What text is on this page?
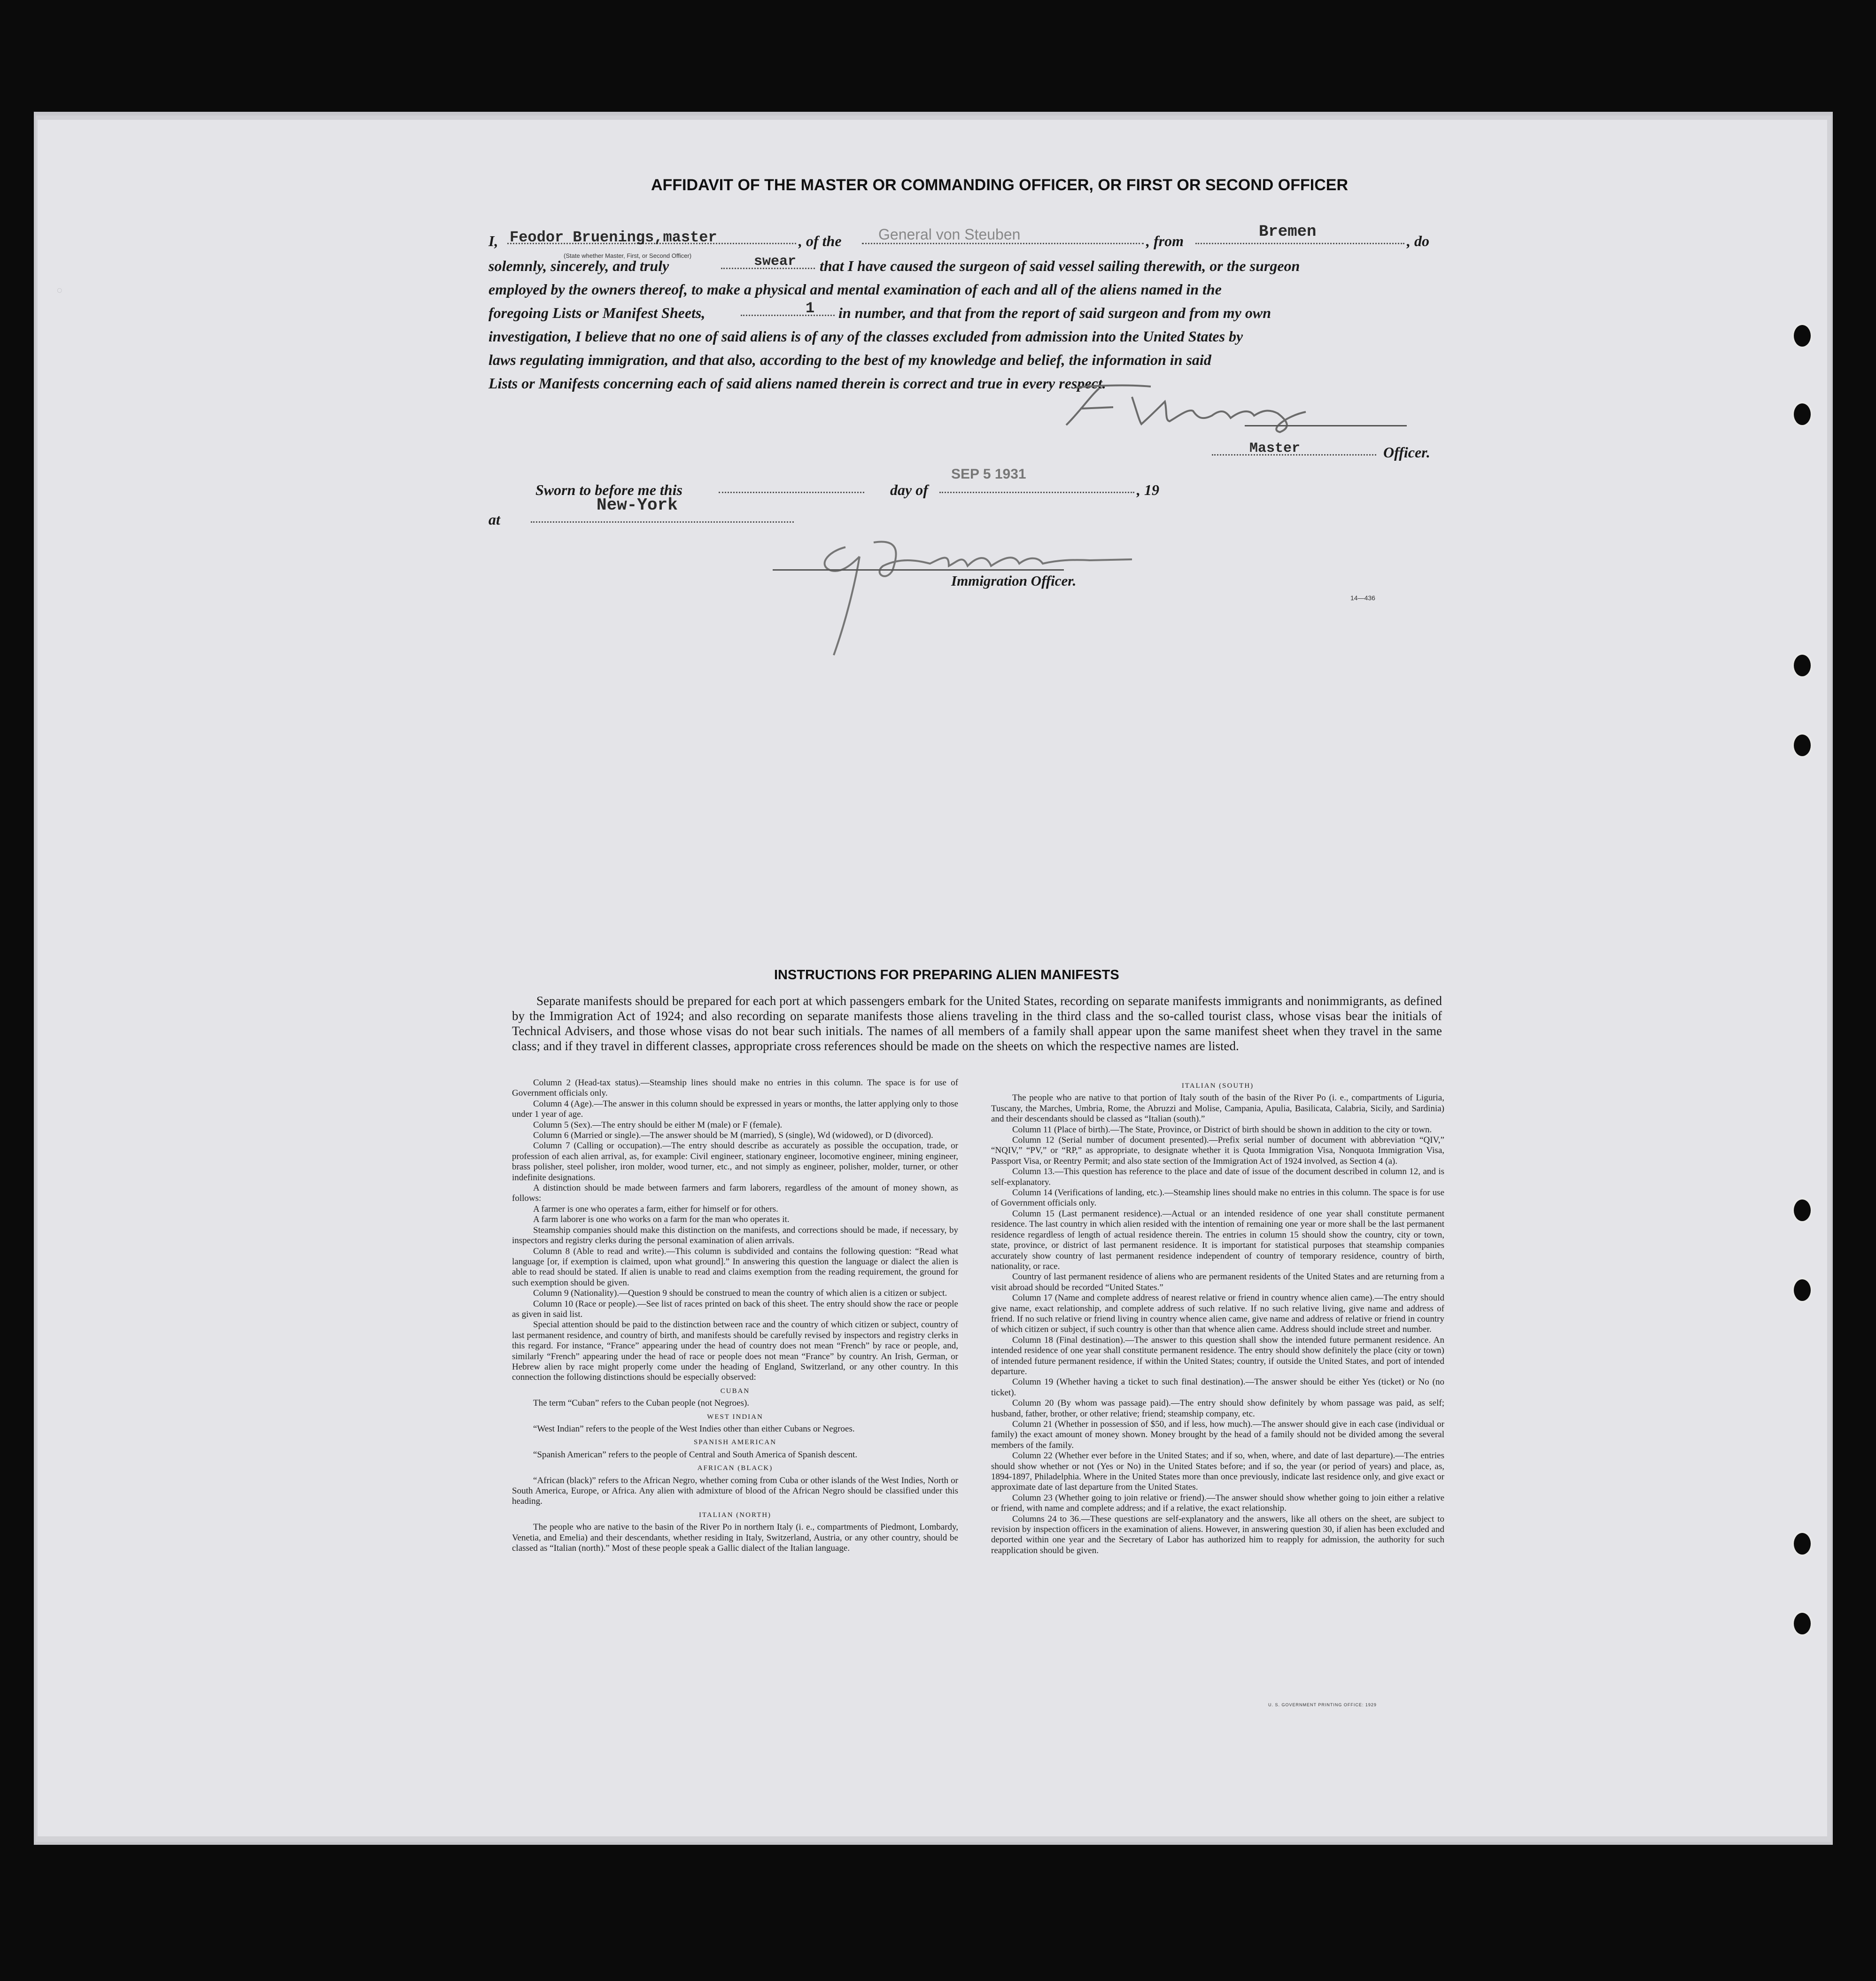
AFFIDAVIT OF THE MASTER OR COMMANDING OFFICER, OR FIRST OR SECOND OFFICER
I, Feodor Bruenings,master
(State whether Master, First, or Second Officer)
, of the General von Steuben	, from	Bremen	, do
solemnly, sincerely, and truly	swear that I have caused the surgeon of said vessel sailing therewith, or the surgeon
employed by the owners thereof, to make a physical and mental examination of each and all of the aliens named in the
foregoing Lists or Manifest Sheets,	1 in number, and that from the report of said surgeon and from my own
investigation, I believe that no one of said aliens is of any of the classes excluded from admission into the United States by
laws regulating immigration, and that also, according to the best of my knowledge and belief, the information in said
Lists or Manifests concerning each of said aliens named therein is correct and true in every respect.
Master	Officer.
Sworn to before me this	day of
SEP 5 1931
, 19
at
New-York
Immigration Officer.
14—436
INSTRUCTIONS FOR PREPARING ALIEN MANIFESTS
Separate manifests should be prepared for each port at which passengers embark for the United States, recording on separate manifests immigrants and nonimmigrants, as defined by the Immigration Act of 1924; and also recording on separate manifests those aliens traveling in the third class and the so-called tourist class, whose visas bear the initials of Technical Advisers, and those whose visas do not bear such initials. The names of all members of a family shall appear upon the same manifest sheet when they travel in the same class; and if they travel in different classes, appropriate cross references should be made on the sheets on which the respective names are listed.

Column 2 (Head-tax status).—Steamship lines should make no entries in this column. The space is for use of Government officials only.

Column 4 (Age).—The answer in this column should be expressed in years or months, the latter applying only to those under 1 year of age.

Column 5 (Sex).—The entry should be either M (male) or F (female).

Column 6 (Married or single).—The answer should be M (married), S (single), Wd (widowed), or D (divorced).

Column 7 (Calling or occupation).—The entry should describe as accurately as possible the occupation, trade, or profession of each alien arrival, as, for example: Civil engineer, stationary engineer, locomotive engineer, mining engineer, brass polisher, steel polisher, iron molder, wood turner, etc., and not simply as engineer, polisher, molder, turner, or other indefinite designations.

A distinction should be made between farmers and farm laborers, regardless of the amount of money shown, as follows:

A farmer is one who operates a farm, either for himself or for others.

A farm laborer is one who works on a farm for the man who operates it.

Steamship companies should make this distinction on the manifests, and corrections should be made, if necessary, by inspectors and registry clerks during the personal examination of alien arrivals.

Column 8 (Able to read and write).—This column is subdivided and contains the following question: “Read what language [or, if exemption is claimed, upon what ground].” In answering this question the language or dialect the alien is able to read should be stated. If alien is unable to read and claims exemption from the reading requirement, the ground for such exemption should be given.

Column 9 (Nationality).—Question 9 should be construed to mean the country of which alien is a citizen or subject.

Column 10 (Race or people).—See list of races printed on back of this sheet. The entry should show the race or people as given in said list.

Special attention should be paid to the distinction between race and the country of which citizen or subject, country of last permanent residence, and country of birth, and manifests should be carefully revised by inspectors and registry clerks in this regard. For instance, “France” appearing under the head of country does not mean “French” by race or people, and, similarly “French” appearing under the head of race or people does not mean “France” by country. An Irish, German, or Hebrew alien by race might properly come under the heading of England, Switzerland, or any other country. In this connection the following distinctions should be especially observed:

CUBAN

The term “Cuban” refers to the Cuban people (not Negroes).

WEST INDIAN

“West Indian” refers to the people of the West Indies other than either Cubans or Negroes.

SPANISH AMERICAN

“Spanish American” refers to the people of Central and South America of Spanish descent.

AFRICAN (BLACK)

“African (black)” refers to the African Negro, whether coming from Cuba or other islands of the West Indies, North or South America, Europe, or Africa. Any alien with admixture of blood of the African Negro should be classified under this heading.

ITALIAN (NORTH)

The people who are native to the basin of the River Po in northern Italy (i. e., compartments of Piedmont, Lombardy, Venetia, and Emelia) and their descendants, whether residing in Italy, Switzerland, Austria, or any other country, should be classed as “Italian (north).” Most of these people speak a Gallic dialect of the Italian language.

ITALIAN (SOUTH)

The people who are native to that portion of Italy south of the basin of the River Po (i. e., compartments of Liguria, Tuscany, the Marches, Umbria, Rome, the Abruzzi and Molise, Campania, Apulia, Basilicata, Calabria, Sicily, and Sardinia) and their descendants should be classed as “Italian (south).”

Column 11 (Place of birth).—The State, Province, or District of birth should be shown in addition to the city or town.

Column 12 (Serial number of document presented).—Prefix serial number of document with abbreviation “QIV,” “NQIV,” “PV,” or “RP,” as appropriate, to designate whether it is Quota Immigration Visa, Nonquota Immigration Visa, Passport Visa, or Reentry Permit; and also state section of the Immigration Act of 1924 involved, as Section 4 (a).

Column 13.—This question has reference to the place and date of issue of the document described in column 12, and is self-explanatory.

Column 14 (Verifications of landing, etc.).—Steamship lines should make no entries in this column. The space is for use of Government officials only.

Column 15 (Last permanent residence).—Actual or an intended residence of one year shall constitute permanent residence. The last country in which alien resided with the intention of remaining one year or more shall be the last permanent residence regardless of length of actual residence therein. The entries in column 15 should show the country, city or town, state, province, or district of last permanent residence. It is important for statistical purposes that steamship companies accurately show country of last permanent residence independent of country of temporary residence, country of birth, nationality, or race.

Country of last permanent residence of aliens who are permanent residents of the United States and are returning from a visit abroad should be recorded “United States.”

Column 17 (Name and complete address of nearest relative or friend in country whence alien came).—The entry should give name, exact relationship, and complete address of such relative. If no such relative living, give name and address of friend. If no such relative or friend living in country whence alien came, give name and address of relative or friend in country of which citizen or subject, if such country is other than that whence alien came. Address should include street and number.

Column 18 (Final destination).—The answer to this question shall show the intended future permanent residence. An intended residence of one year shall constitute permanent residence. The entry should show definitely the place (city or town) of intended future permanent residence, if within the United States; country, if outside the United States, and port of intended departure.

Column 19 (Whether having a ticket to such final destination).—The answer should be either Yes (ticket) or No (no ticket).

Column 20 (By whom was passage paid).—The entry should show definitely by whom passage was paid, as self; husband, father, brother, or other relative; friend; steamship company, etc.

Column 21 (Whether in possession of $50, and if less, how much).—The answer should give in each case (individual or family) the exact amount of money shown. Money brought by the head of a family should not be divided among the several members of the family.

Column 22 (Whether ever before in the United States; and if so, when, where, and date of last departure).—The entries should show whether or not (Yes or No) in the United States before; and if so, the year (or period of years) and place, as, 1894-1897, Philadelphia. Where in the United States more than once previously, indicate last residence only, and give exact or approximate date of last departure from the United States.

Column 23 (Whether going to join relative or friend).—The answer should show whether going to join either a relative or friend, with name and complete address; and if a relative, the exact relationship.

Columns 24 to 36.—These questions are self-explanatory and the answers, like all others on the sheet, are subject to revision by inspection officers in the examination of aliens. However, in answering question 30, if alien has been excluded and deported within one year and the Secretary of Labor has authorized him to reapply for admission, the authority for such reapplication should be given.

U. S. GOVERNMENT PRINTING OFFICE: 1929
○
